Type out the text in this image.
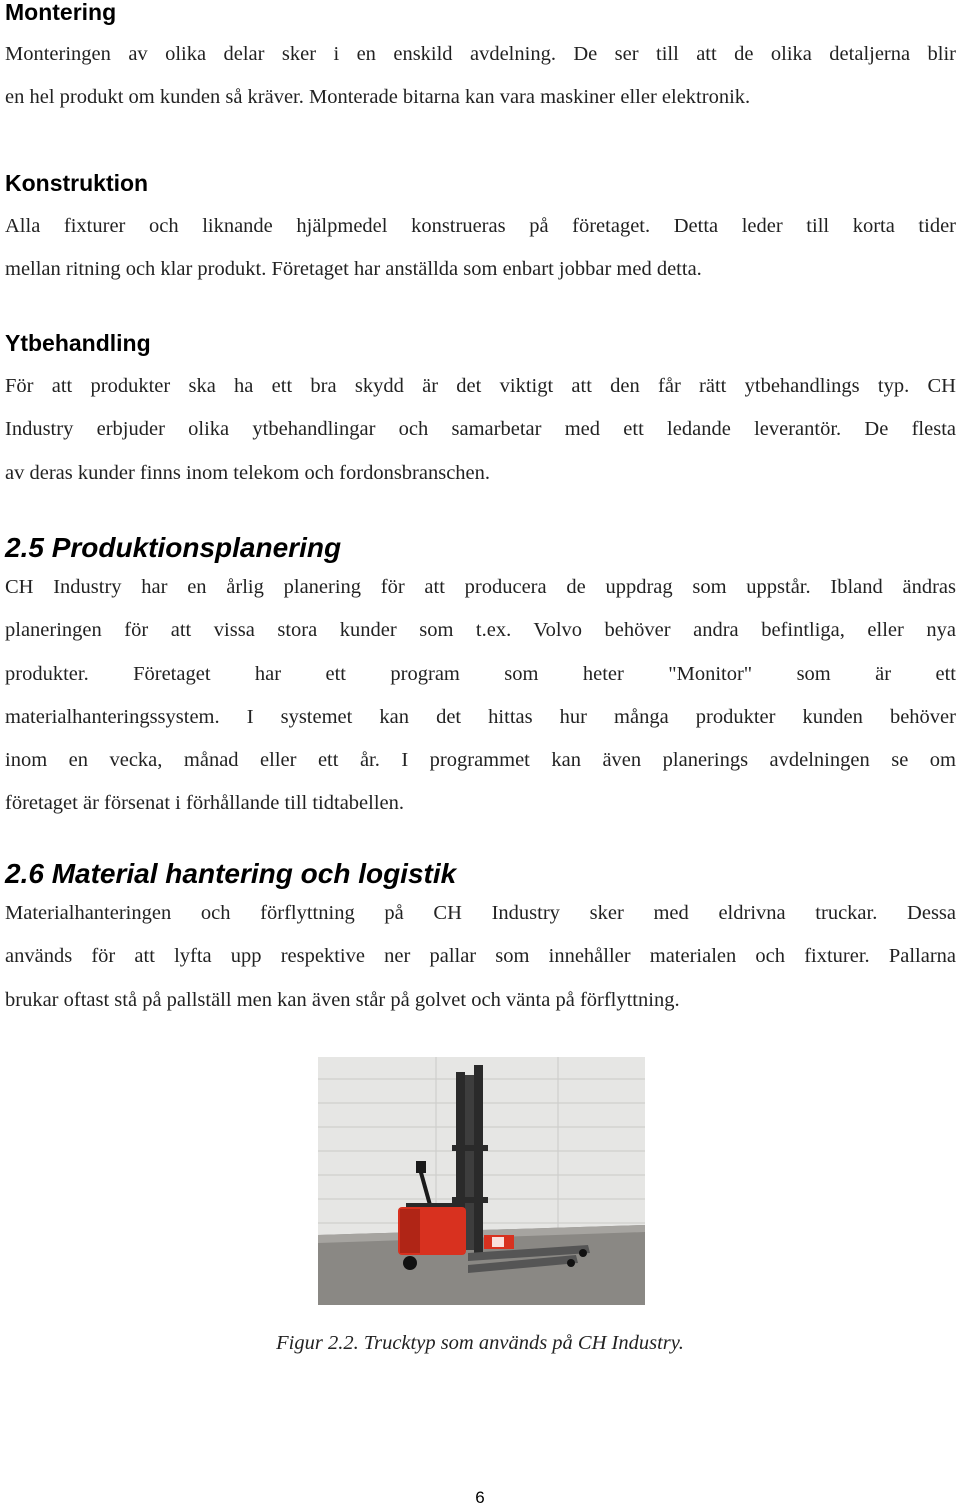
Montering

Monteringen av olika delar sker i en enskild avdelning. De ser till att de olika detaljerna blir
en hel produkt om kunden så kräver. Monterade bitarna kan vara maskiner eller elektronik.

Konstruktion

Alla fixturer och liknande hjälpmedel konstrueras på företaget. Detta leder till korta tider
mellan ritning och klar produkt. Företaget har anställda som enbart jobbar med detta.

Ytbehandling

För att produkter ska ha ett bra skydd är det viktigt att den får rätt ytbehandlings typ. CH
Industry erbjuder olika ytbehandlingar och samarbetar med ett ledande leverantör. De flesta
av deras kunder finns inom telekom och fordonsbranschen.

2.5 Produktionsplanering

CH Industry har en årlig planering för att producera de uppdrag som uppstår. Ibland ändras
planeringen för att vissa stora kunder som t.ex. Volvo behöver andra befintliga, eller nya
produkter. Företaget har ett program som heter "Monitor" som är ett
materialhanteringssystem. I systemet kan det hittas hur många produkter kunden behöver
inom en vecka, månad eller ett år. I programmet kan även planerings avdelningen se om
företaget är försenat i förhållande till tidtabellen.

2.6 Material hantering och logistik

Materialhanteringen och förflyttning på CH Industry sker med eldrivna truckar. Dessa
används för att lyfta upp respektive ner pallar som innehåller materialen och fixturer. Pallarna
brukar oftast stå på pallställ men kan även står på golvet och vänta på förflyttning.

Figur 2.2. Trucktyp som används på CH Industry.

6
